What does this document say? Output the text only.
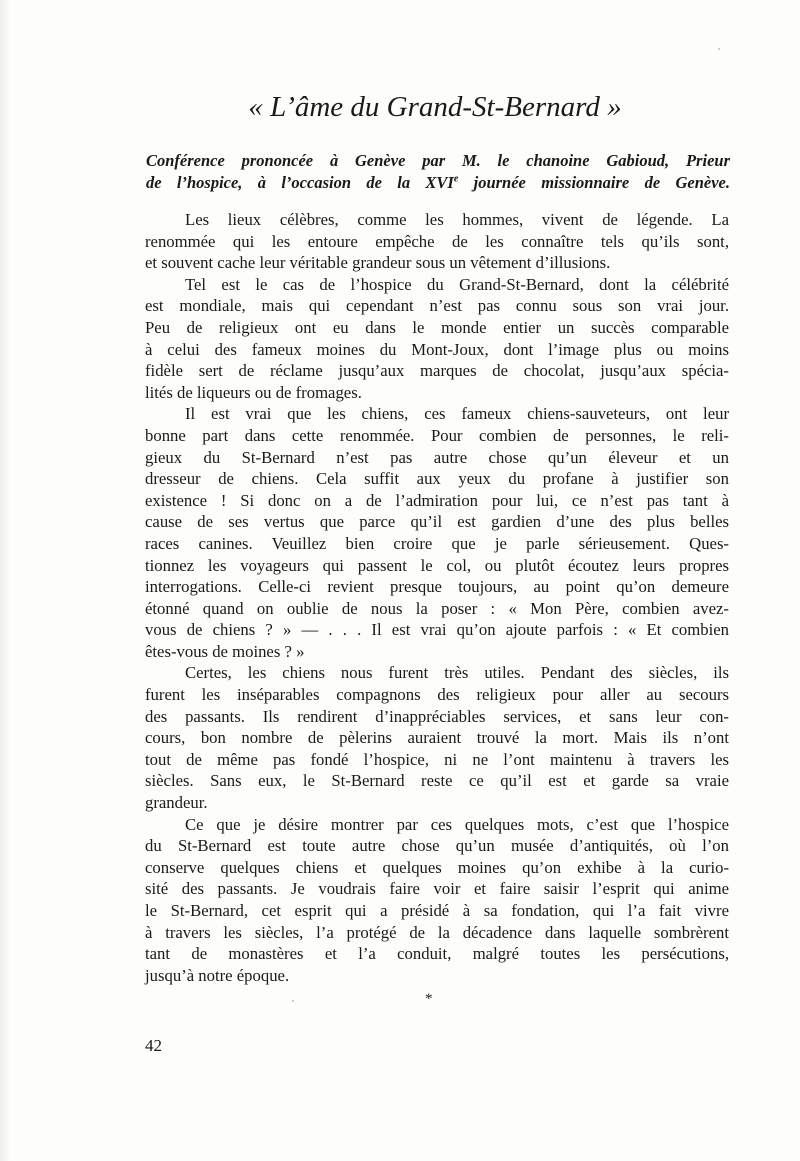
« L’âme du Grand-St-Bernard »

Conférence prononcée à Genève par M. le chanoine Gabioud, Prieur
de l’hospice, à l’occasion de la XVIe journée missionnaire de Genève.

Les lieux célèbres, comme les hommes, vivent de légende. La
renommée qui les entoure empêche de les connaître tels qu’ils sont,
et souvent cache leur véritable grandeur sous un vêtement d’illusions.

Tel est le cas de l’hospice du Grand-St-Bernard, dont la célébrité
est mondiale, mais qui cependant n’est pas connu sous son vrai jour.
Peu de religieux ont eu dans le monde entier un succès comparable
à celui des fameux moines du Mont-Joux, dont l’image plus ou moins
fidèle sert de réclame jusqu’aux marques de chocolat, jusqu’aux spécia-
lités de liqueurs ou de fromages.

Il est vrai que les chiens, ces fameux chiens-sauveteurs, ont leur
bonne part dans cette renommée. Pour combien de personnes, le reli-
gieux du St-Bernard n’est pas autre chose qu’un éleveur et un
dresseur de chiens. Cela suffit aux yeux du profane à justifier son
existence ! Si donc on a de l’admiration pour lui, ce n’est pas tant à
cause de ses vertus que parce qu’il est gardien d’une des plus belles
races canines. Veuillez bien croire que je parle sérieusement. Ques-
tionnez les voyageurs qui passent le col, ou plutôt écoutez leurs propres
interrogations. Celle-ci revient presque toujours, au point qu’on demeure
étonné quand on oublie de nous la poser : « Mon Père, combien avez-
vous de chiens ? » — . . . Il est vrai qu’on ajoute parfois : « Et combien
êtes-vous de moines ? »

Certes, les chiens nous furent très utiles. Pendant des siècles, ils
furent les inséparables compagnons des religieux pour aller au secours
des passants. Ils rendirent d’inappréciables services, et sans leur con-
cours, bon nombre de pèlerins auraient trouvé la mort. Mais ils n’ont
tout de même pas fondé l’hospice, ni ne l’ont maintenu à travers les
siècles. Sans eux, le St-Bernard reste ce qu’il est et garde sa vraie
grandeur.

Ce que je désire montrer par ces quelques mots, c’est que l’hospice
du St-Bernard est toute autre chose qu’un musée d’antiquités, où l’on
conserve quelques chiens et quelques moines qu’on exhibe à la curio-
sité des passants. Je voudrais faire voir et faire saisir l’esprit qui anime
le St-Bernard, cet esprit qui a présidé à sa fondation, qui l’a fait vivre
à travers les siècles, l’a protégé de la décadence dans laquelle sombrèrent
tant de monastères et l’a conduit, malgré toutes les persécutions,
jusqu’à notre époque.

*
42
